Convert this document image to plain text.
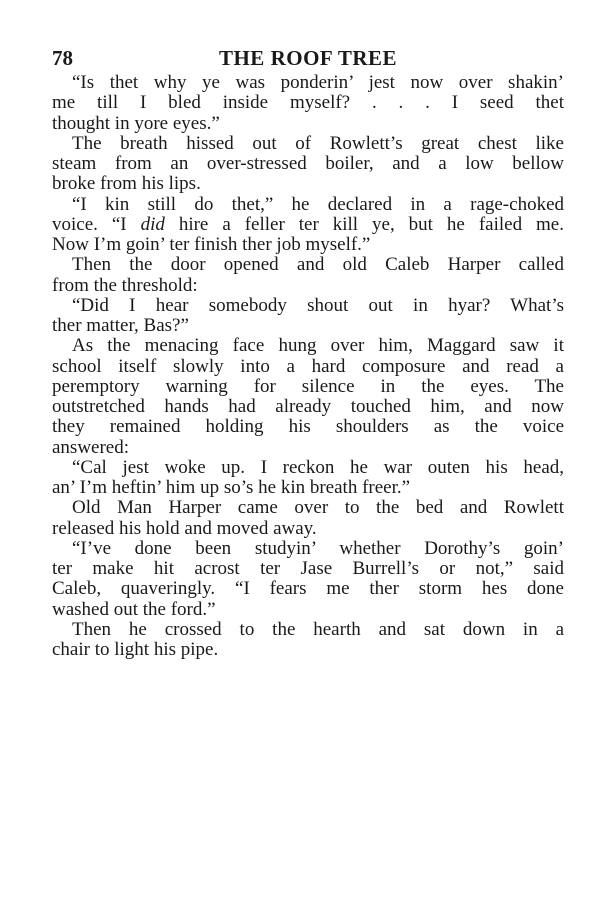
78	THE ROOF TREE
“Is thet why ye was ponderin’ jest now over shakin’
me till I bled inside myself? . . . I seed thet
thought in yore eyes.”
The breath hissed out of Rowlett’s great chest like
steam from an over-stressed boiler, and a low bellow
broke from his lips.
“I kin still do thet,” he declared in a rage-choked
voice. “I did hire a feller ter kill ye, but he failed me.
Now I’m goin’ ter finish ther job myself.”
Then the door opened and old Caleb Harper called
from the threshold:
“Did I hear somebody shout out in hyar? What’s
ther matter, Bas?”
As the menacing face hung over him, Maggard saw it
school itself slowly into a hard composure and read a
peremptory warning for silence in the eyes. The
outstretched hands had already touched him, and now
they remained holding his shoulders as the voice
answered:
“Cal jest woke up. I reckon he war outen his head,
an’ I’m heftin’ him up so’s he kin breath freer.”
Old Man Harper came over to the bed and Rowlett
released his hold and moved away.
“I’ve done been studyin’ whether Dorothy’s goin’
ter make hit acrost ter Jase Burrell’s or not,” said
Caleb, quaveringly. “I fears me ther storm hes done
washed out the ford.”
Then he crossed to the hearth and sat down in a
chair to light his pipe.
